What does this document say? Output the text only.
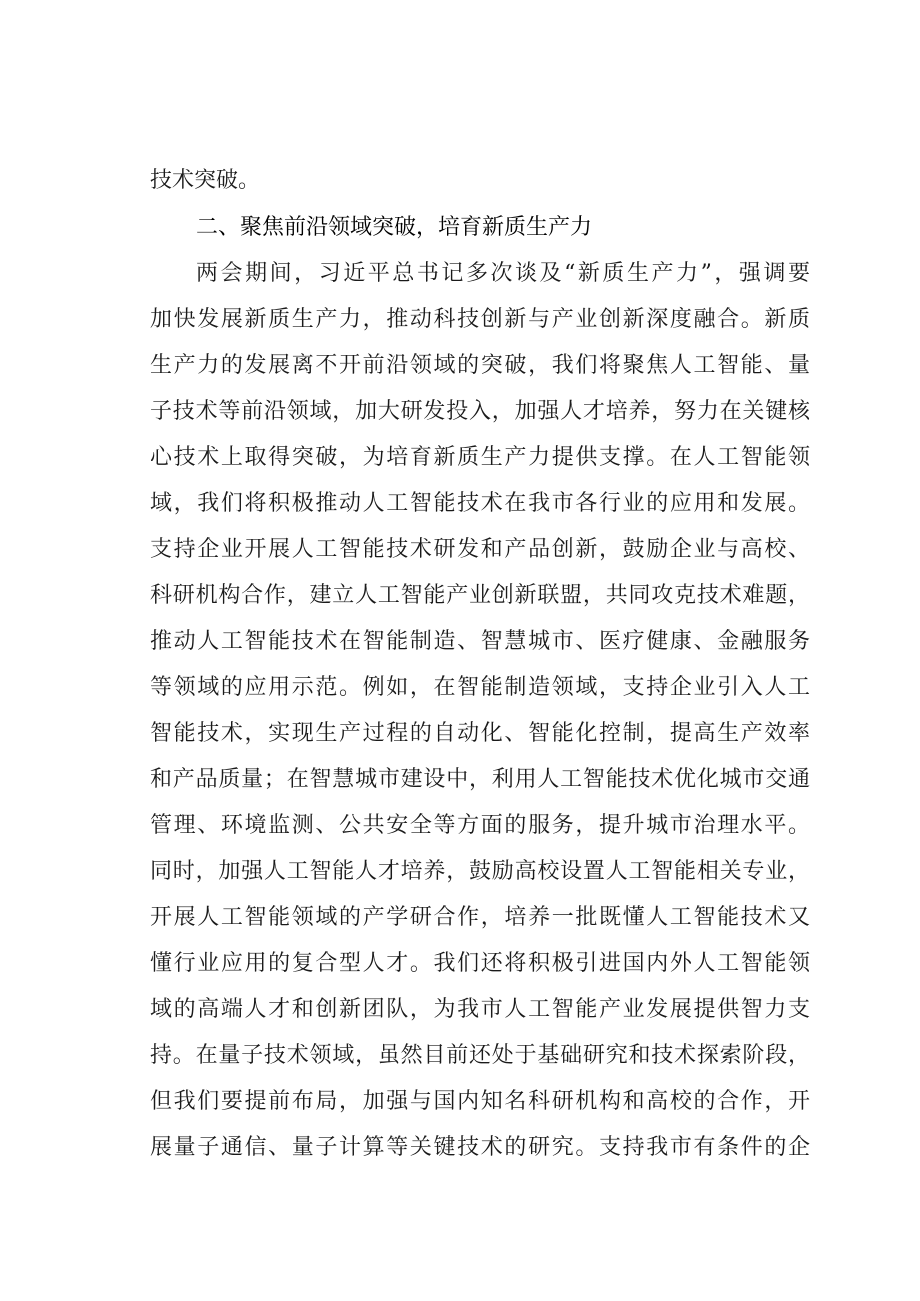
技术突破。
二、聚焦前沿领域突破，培育新质生产力
两会期间，习近平总书记多次谈及“新质生产力”，强调要
加快发展新质生产力，推动科技创新与产业创新深度融合。新质
生产力的发展离不开前沿领域的突破，我们将聚焦人工智能、量
子技术等前沿领域，加大研发投入，加强人才培养，努力在关键核
心技术上取得突破，为培育新质生产力提供支撑。在人工智能领
域，我们将积极推动人工智能技术在我市各行业的应用和发展。
支持企业开展人工智能技术研发和产品创新，鼓励企业与高校、
科研机构合作，建立人工智能产业创新联盟，共同攻克技术难题，
推动人工智能技术在智能制造、智慧城市、医疗健康、金融服务
等领域的应用示范。例如，在智能制造领域，支持企业引入人工
智能技术，实现生产过程的自动化、智能化控制，提高生产效率
和产品质量；在智慧城市建设中，利用人工智能技术优化城市交通
管理、环境监测、公共安全等方面的服务，提升城市治理水平。
同时，加强人工智能人才培养，鼓励高校设置人工智能相关专业，
开展人工智能领域的产学研合作，培养一批既懂人工智能技术又
懂行业应用的复合型人才。我们还将积极引进国内外人工智能领
域的高端人才和创新团队，为我市人工智能产业发展提供智力支
持。在量子技术领域，虽然目前还处于基础研究和技术探索阶段，
但我们要提前布局，加强与国内知名科研机构和高校的合作，开
展量子通信、量子计算等关键技术的研究。支持我市有条件的企
